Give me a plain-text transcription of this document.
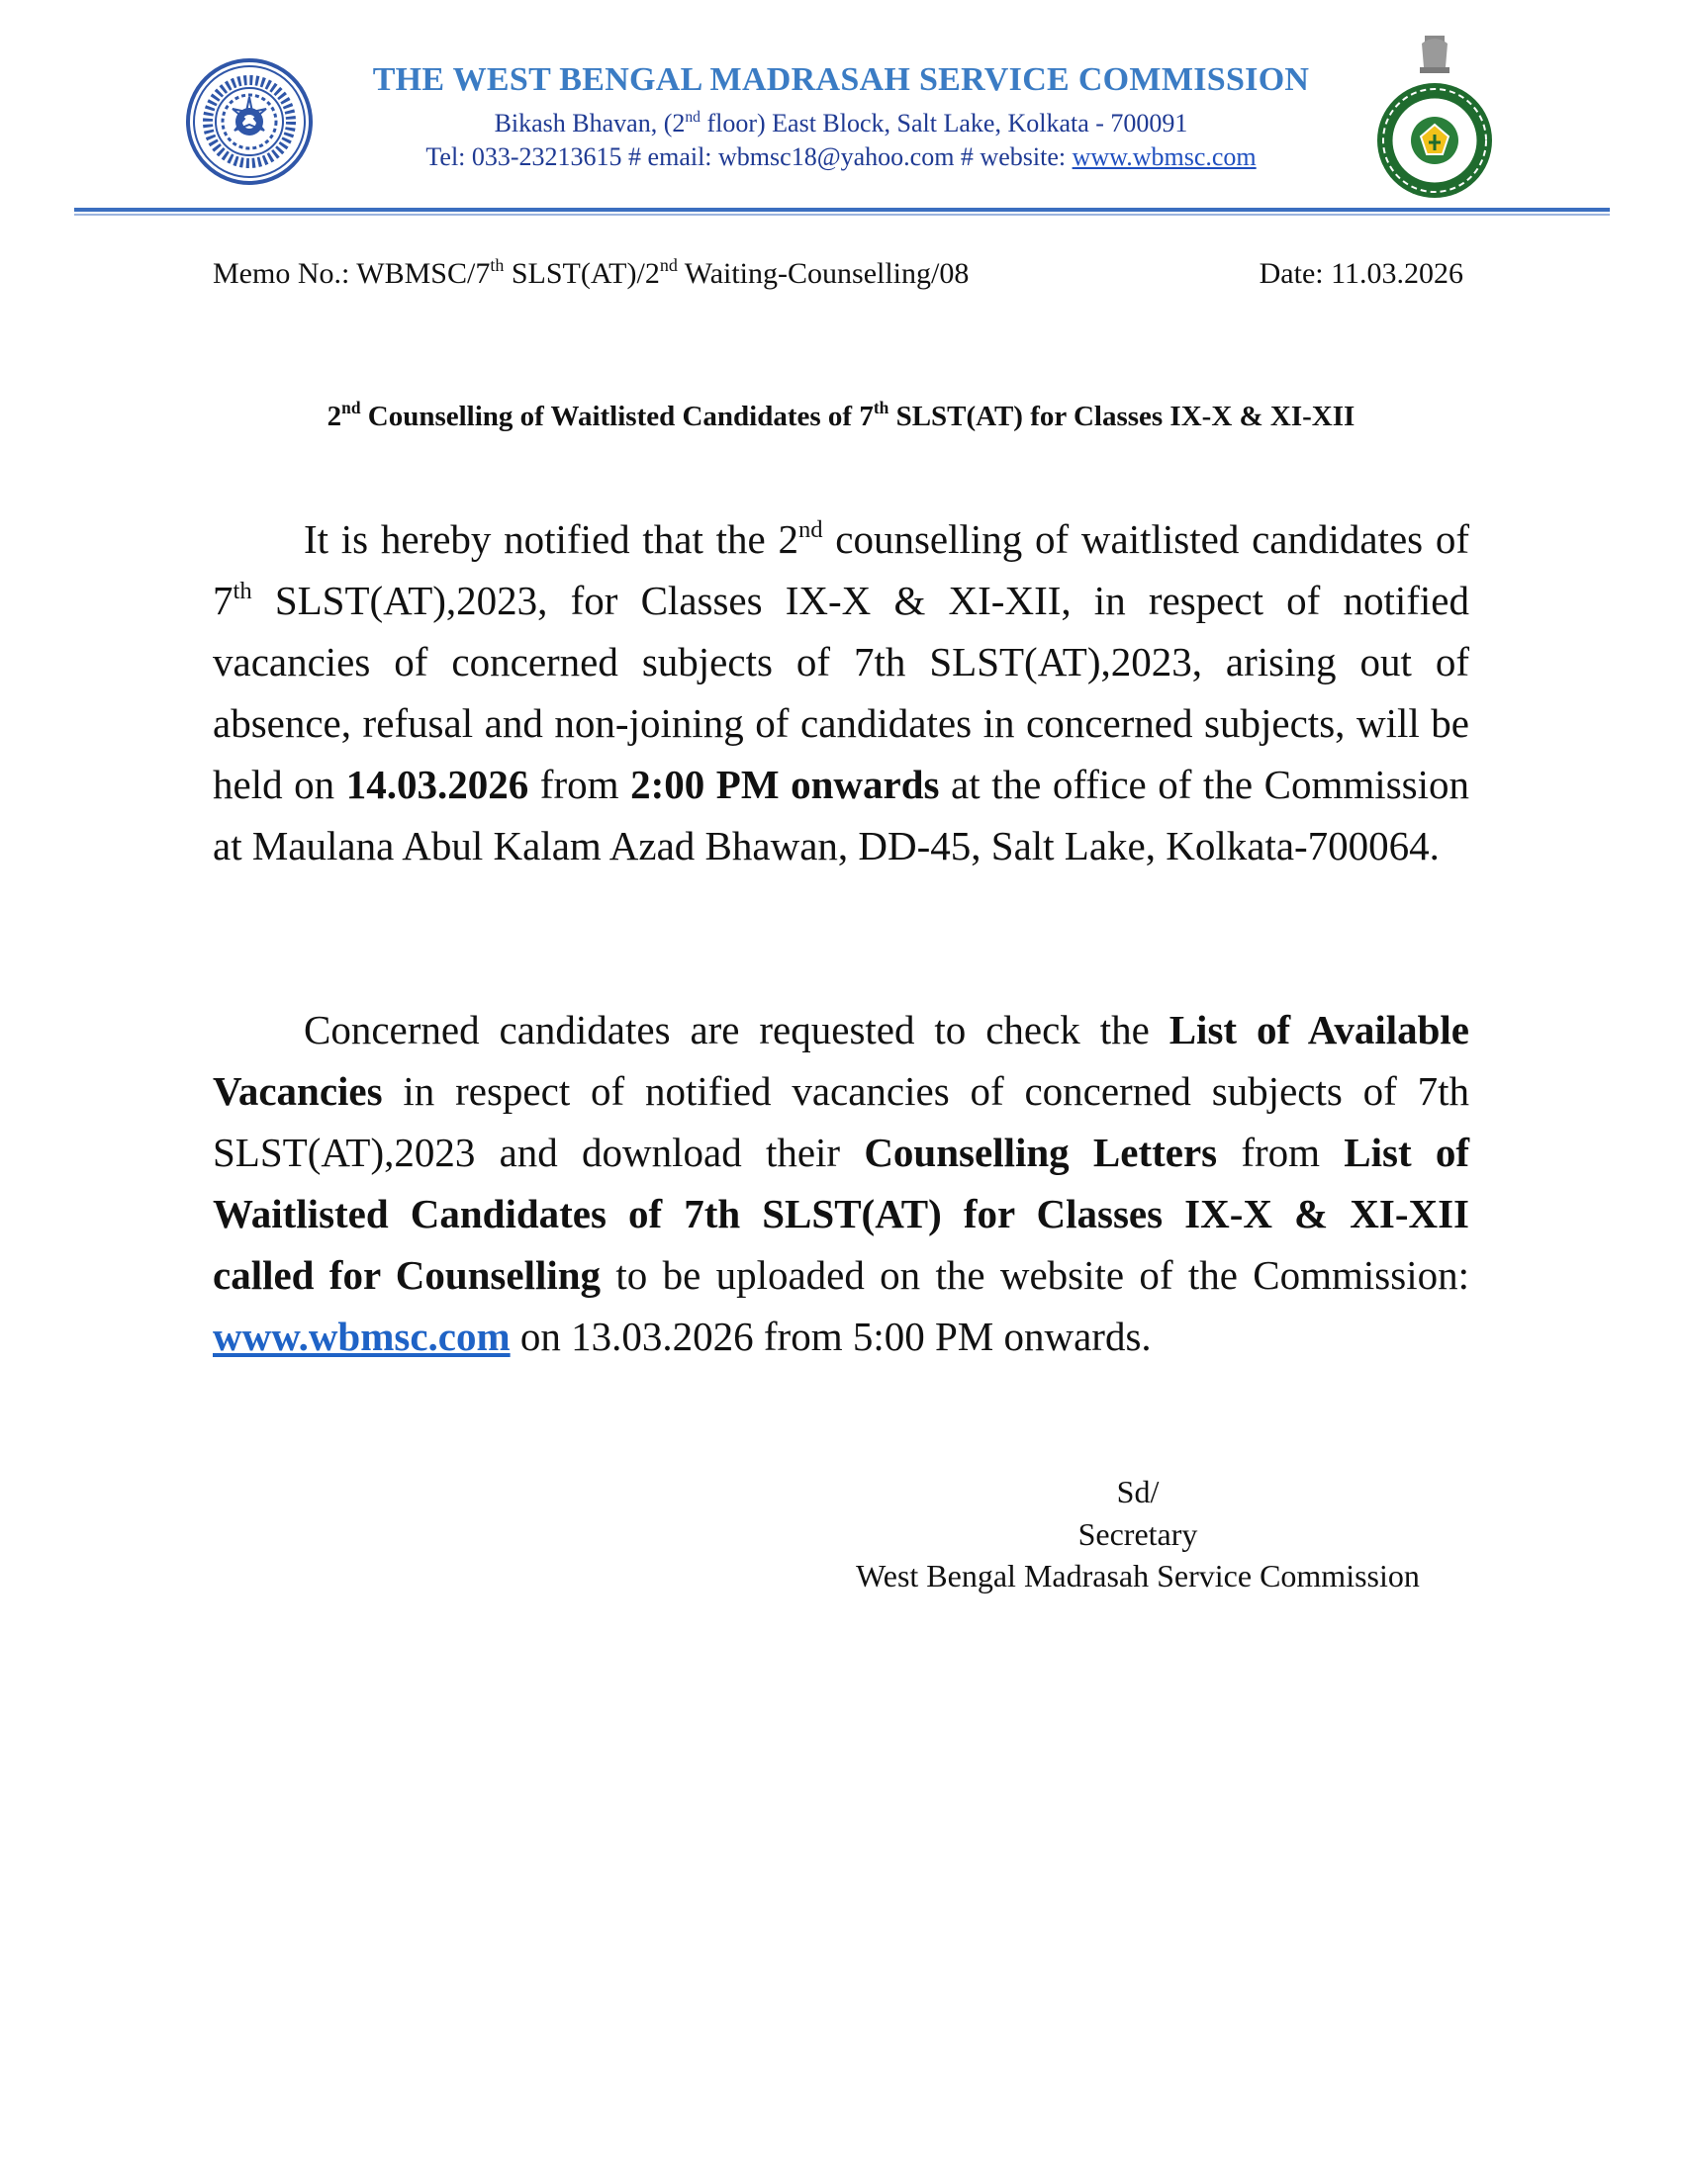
THE WEST BENGAL MADRASAH SERVICE COMMISSION
Bikash Bhavan, (2nd floor) East Block, Salt Lake, Kolkata - 700091
Tel: 033-23213615 # email: wbmsc18@yahoo.com # website: www.wbmsc.com
Memo No.: WBMSC/7th SLST(AT)/2nd Waiting-Counselling/08	Date: 11.03.2026
2nd Counselling of Waitlisted Candidates of 7th SLST(AT) for Classes IX-X & XI-XII
It is hereby notified that the 2nd counselling of waitlisted candidates of 7th SLST(AT),2023, for Classes IX-X & XI-XII, in respect of notified vacancies of concerned subjects of 7th SLST(AT),2023, arising out of absence, refusal and non-joining of candidates in concerned subjects, will be held on 14.03.2026 from 2:00 PM onwards at the office of the Commission at Maulana Abul Kalam Azad Bhawan, DD-45, Salt Lake, Kolkata-700064.
Concerned candidates are requested to check the List of Available Vacancies in respect of notified vacancies of concerned subjects of 7th SLST(AT),2023 and download their Counselling Letters from List of Waitlisted Candidates of 7th SLST(AT) for Classes IX-X & XI-XII called for Counselling to be uploaded on the website of the Commission: www.wbmsc.com on 13.03.2026 from 5:00 PM onwards.
Sd/
Secretary
West Bengal Madrasah Service Commission
